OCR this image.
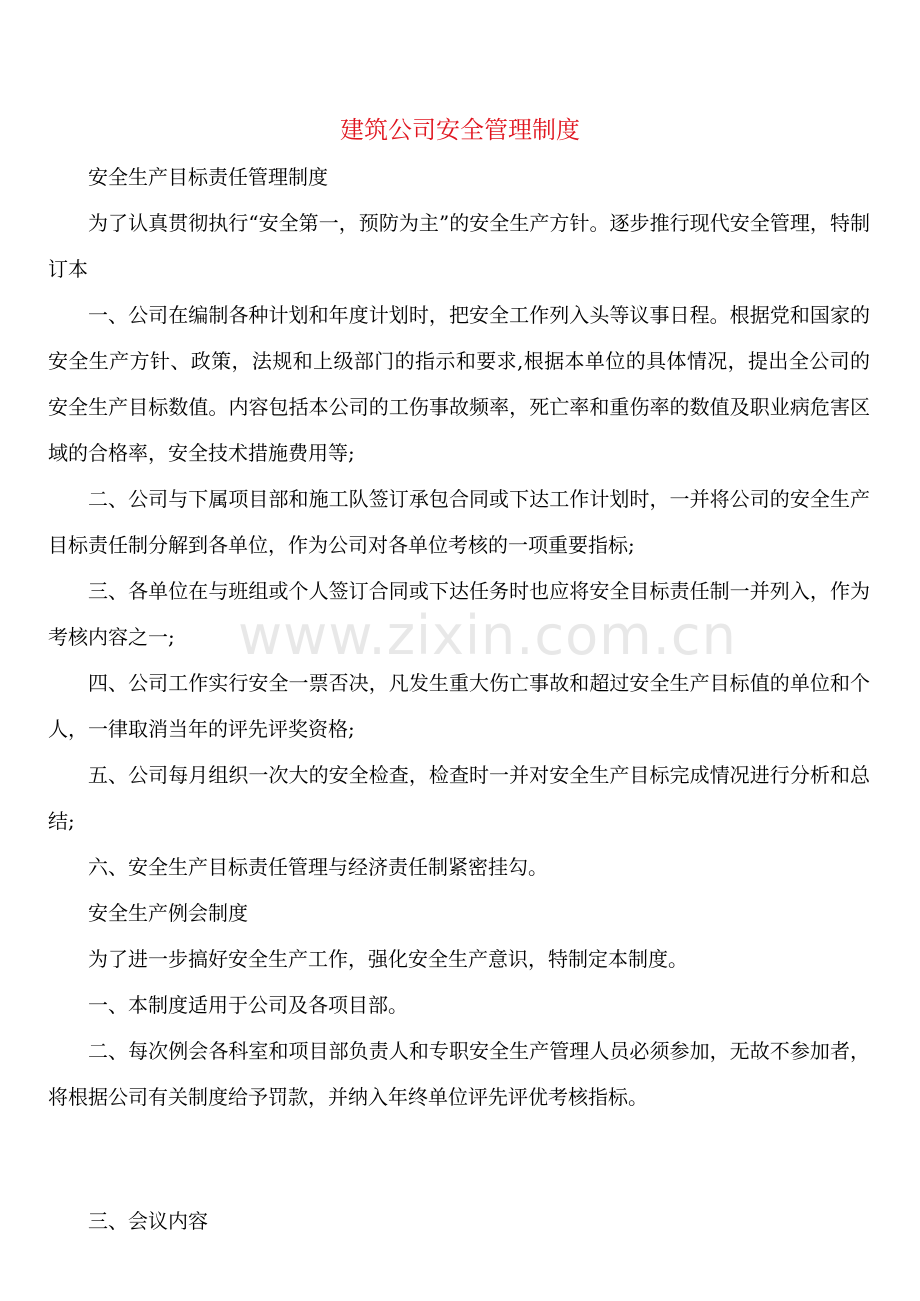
建筑公司安全管理制度

安全生产目标责任管理制度

为了认真贯彻执行“安全第一，预防为主”的安全生产方针。逐步推行现代安全管理，特制订本

一、公司在编制各种计划和年度计划时，把安全工作列入头等议事日程。根据党和国家的安全生产方针、政策，法规和上级部门的指示和要求,根据本单位的具体情况，提出全公司的安全生产目标数值。内容包括本公司的工伤事故频率，死亡率和重伤率的数值及职业病危害区域的合格率，安全技术措施费用等;

二、公司与下属项目部和施工队签订承包合同或下达工作计划时，一并将公司的安全生产目标责任制分解到各单位，作为公司对各单位考核的一项重要指标;

三、各单位在与班组或个人签订合同或下达任务时也应将安全目标责任制一并列入，作为考核内容之一;

四、公司工作实行安全一票否决，凡发生重大伤亡事故和超过安全生产目标值的单位和个人，一律取消当年的评先评奖资格;

五、公司每月组织一次大的安全检查，检查时一并对安全生产目标完成情况进行分析和总结;

六、安全生产目标责任管理与经济责任制紧密挂勾。

安全生产例会制度

为了进一步搞好安全生产工作，强化安全生产意识，特制定本制度。

一、本制度适用于公司及各项目部。

二、每次例会各科室和项目部负责人和专职安全生产管理人员必须参加，无故不参加者，将根据公司有关制度给予罚款，并纳入年终单位评先评优考核指标。

三、会议内容

www.zixin.com.cn
